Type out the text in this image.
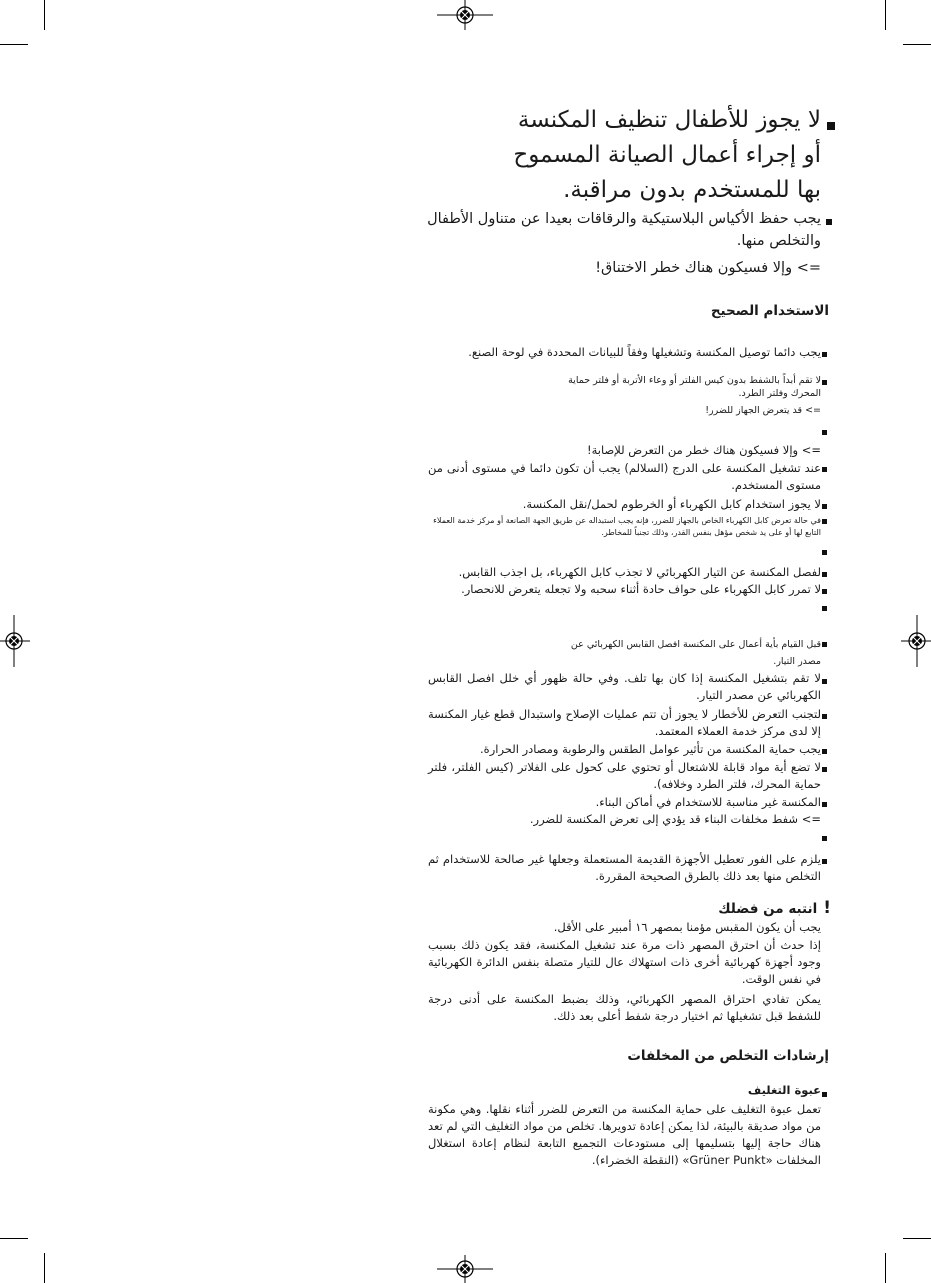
لا يجوز للأطفال تنظيف المكنسة أو إجراء أعمال الصيانة المسموح بها للمستخدم بدون مراقبة.
يجب حفظ الأكياس البلاستيكية والرقاقات بعيدا عن متناول الأطفال والتخلص منها.
=> وإلا فسيكون هناك خطر الاختناق!
الاستخدام الصحيح
يجب دائما توصيل المكنسة وتشغيلها وفقاً للبيانات المحددة في لوحة الصنع.
لا تقم أبداً بالشفط بدون كيس الفلتر أو وعاء الأتربة أو فلتر حماية المحرك وفلتر الطرد.
=> قد يتعرض الجهاز للضرر!
=> وإلا فسيكون هناك خطر من التعرض للإصابة!
عند تشغيل المكنسة على الدرج (السلالم) يجب أن تكون دائما في مستوى أدنى من مستوى المستخدم.
لا يجوز استخدام كابل الكهرباء أو الخرطوم لحمل/نقل المكنسة.
في حالة تعرض كابل الكهرباء الخاص بالجهاز للضرر، فإنه يجب استبداله عن طريق الجهة الصانعة أو مركز خدمة العملاء التابع لها أو على يد شخص مؤهل بنفس القدر، وذلك تجنباً للمخاطر.
لفصل المكنسة عن التيار الكهربائي لا تجذب كابل الكهرباء، بل اجذب القابس.
لا تمرر كابل الكهرباء على حواف حادة أثناء سحبه ولا تجعله يتعرض للانحصار.
قبل القيام بأية أعمال على المكنسة افصل القابس الكهربائي عن مصدر التيار.
لا تقم بتشغيل المكنسة إذا كان بها تلف. وفي حالة ظهور أي خلل افصل القابس الكهربائي عن مصدر التيار.
لتجنب التعرض للأخطار لا يجوز أن تتم عمليات الإصلاح واستبدال قطع غيار المكنسة إلا لدى مركز خدمة العملاء المعتمد.
يجب حماية المكنسة من تأثير عوامل الطقس والرطوبة ومصادر الحرارة.
لا تضع أية مواد قابلة للاشتعال أو تحتوي على كحول على الفلاتر (كيس الفلتر، فلتر حماية المحرك، فلتر الطرد وخلافه).
المكنسة غير مناسبة للاستخدام في أماكن البناء.
=> شفط مخلفات البناء قد يؤدي إلى تعرض المكنسة للضرر.
يلزم على الفور تعطيل الأجهزة القديمة المستعملة وجعلها غير صالحة للاستخدام ثم التخلص منها بعد ذلك بالطرق الصحيحة المقررة.
!انتبه من فضلك
يجب أن يكون المقبس مؤمنا بمصهر ١٦ أمبير على الأقل.
إذا حدث أن احترق المصهر ذات مرة عند تشغيل المكنسة، فقد يكون ذلك بسبب وجود أجهزة كهربائية أخرى ذات استهلاك عال للتيار متصلة بنفس الدائرة الكهربائية في نفس الوقت.
يمكن تفادي احتراق المصهر الكهربائي، وذلك بضبط المكنسة على أدنى درجة للشفط قبل تشغيلها ثم اختيار درجة شفط أعلى بعد ذلك.
إرشادات التخلص من المخلفات
عبوة التغليف
تعمل عبوة التغليف على حماية المكنسة من التعرض للضرر أثناء نقلها. وهي مكونة من مواد صديقة بالبيئة، لذا يمكن إعادة تدويرها. تخلص من مواد التغليف التي لم تعد هناك حاجة إليها بتسليمها إلى مستودعات التجميع التابعة لنظام إعادة استغلال المخلفات «Grüner Punkt» (النقطة الخضراء).
